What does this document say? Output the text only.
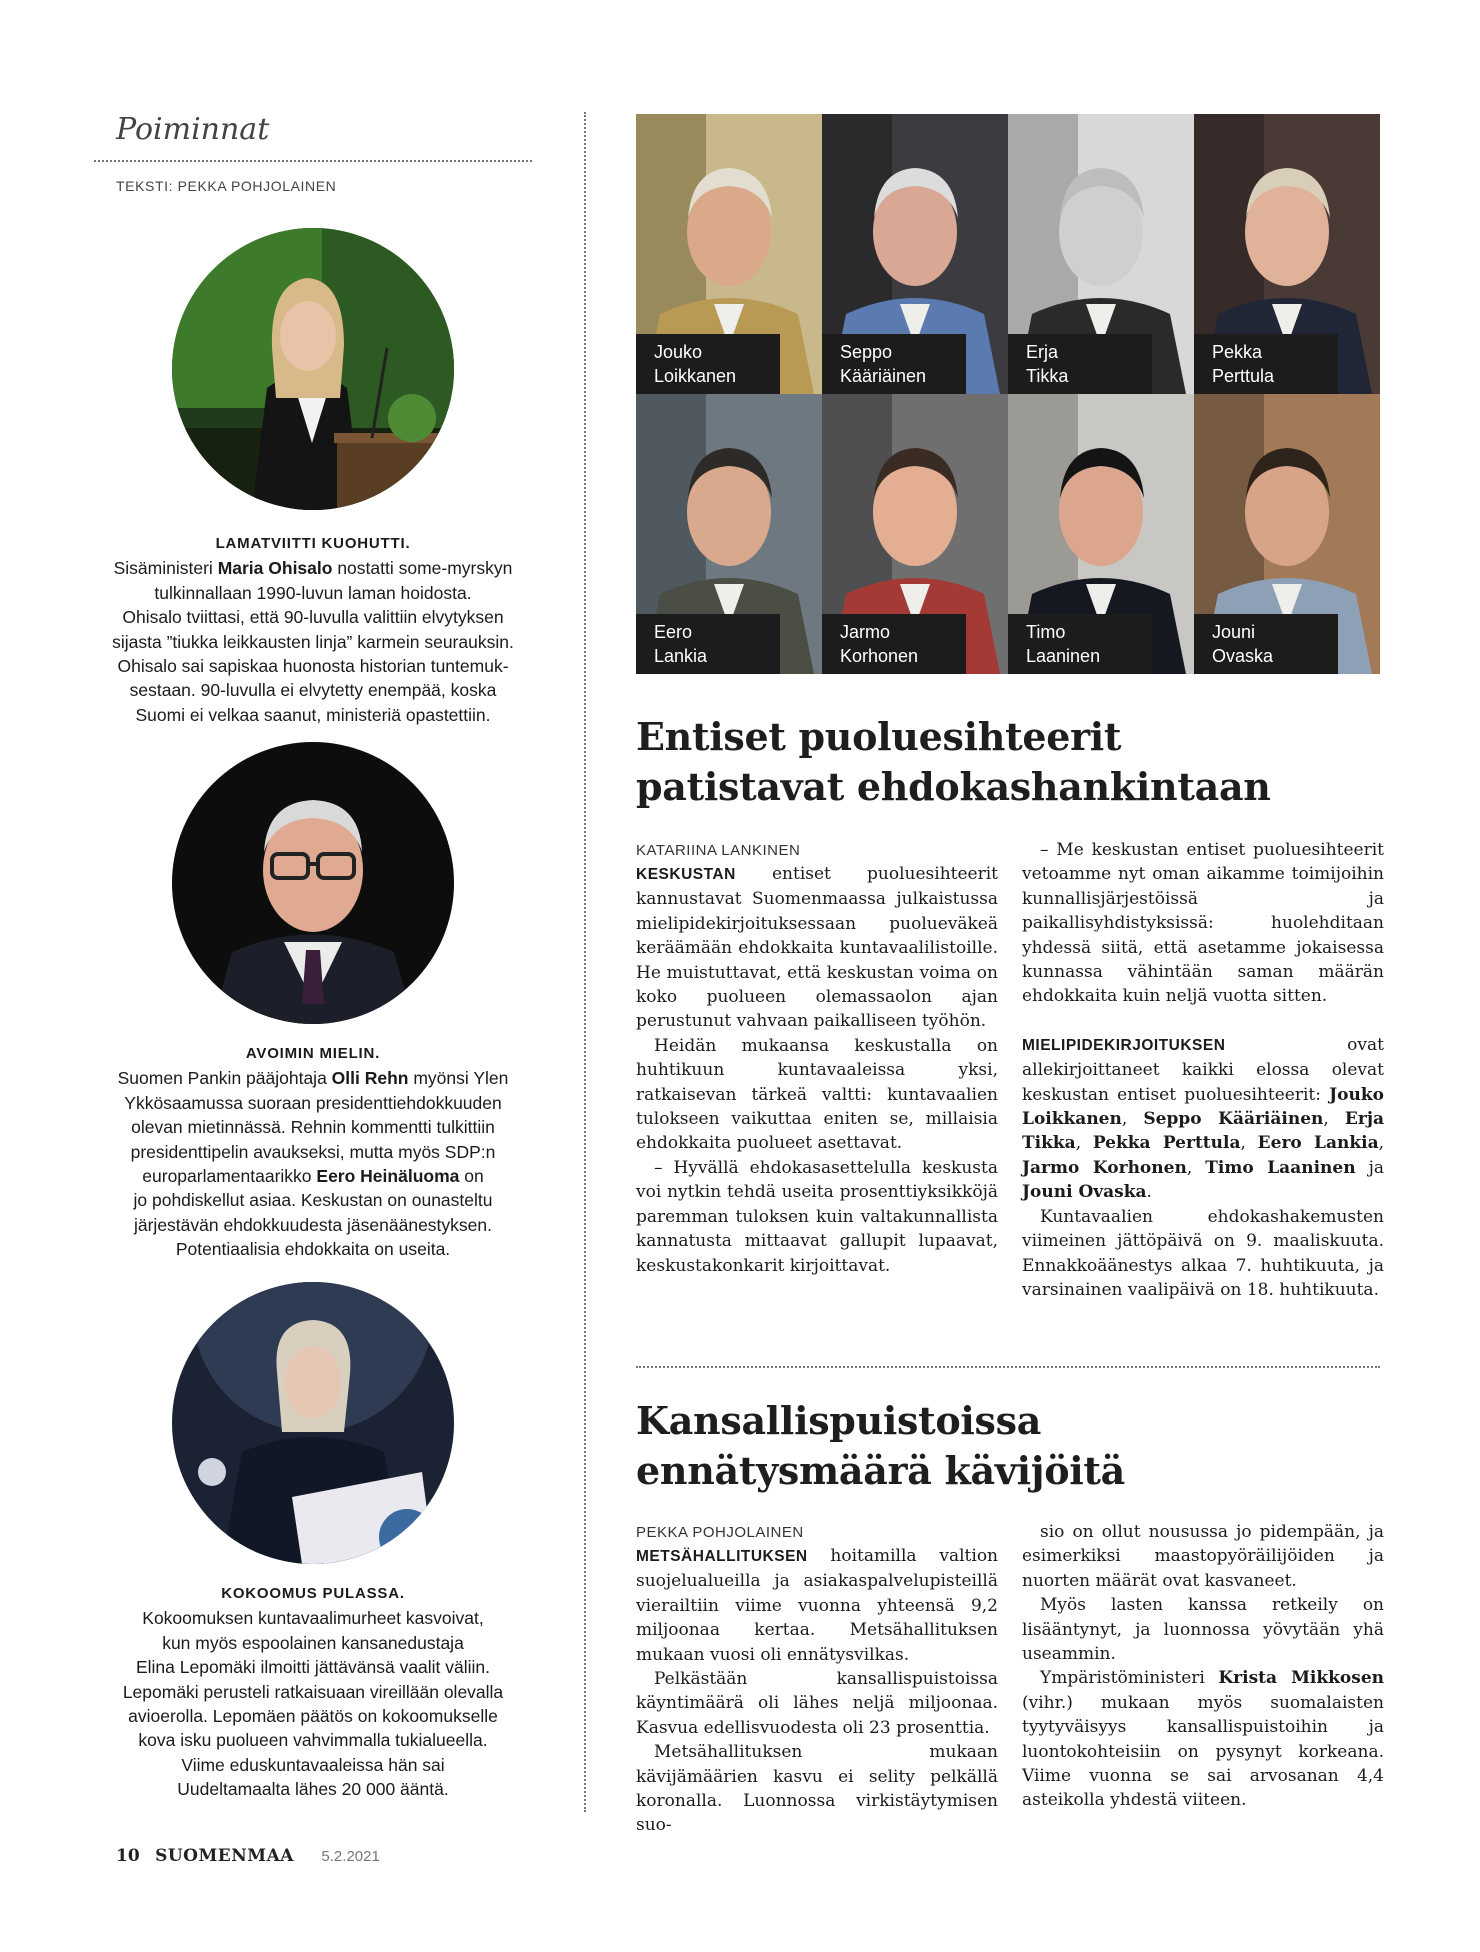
Poiminnat
TEKSTI: PEKKA POHJOLAINEN
LAMATVIITTI KUOHUTTI.
Sisäministeri Maria Ohisalo nostatti some-myrskyn
tulkinnallaan 1990-luvun laman hoidosta.
Ohisalo tviittasi, että 90-luvulla valittiin elvytyksen
sijasta ”tiukka leikkausten linja” karmein seurauksin.
Ohisalo sai sapiskaa huonosta historian tuntemuk-
sestaan. 90-luvulla ei elvytetty enempää, koska
Suomi ei velkaa saanut, ministeriä opastettiin.
AVOIMIN MIELIN.
Suomen Pankin pääjohtaja Olli Rehn myönsi Ylen
Ykkösaamussa suoraan presidenttiehdokkuuden
olevan mietinnässä. Rehnin kommentti tulkittiin
presidenttipelin avaukseksi, mutta myös SDP:n
europarlamentaarikko Eero Heinäluoma on
jo pohdiskellut asiaa. Keskustan on ounasteltu
järjestävän ehdokkuudesta jäsenäänestyksen.
Potentiaalisia ehdokkaita on useita.
KOKOOMUS PULASSA.
Kokoomuksen kuntavaalimurheet kasvoivat,
kun myös espoolainen kansanedustaja
Elina Lepomäki ilmoitti jättävänsä vaalit väliin.
Lepomäki perusteli ratkaisuaan vireillään olevalla
avioerolla. Lepomäen päätös on kokoomukselle
kova isku puolueen vahvimmalla tukialueella.
Viime eduskuntavaaleissa hän sai
Uudeltamaalta lähes 20 000 ääntä.
Jouko
Loikkanen
Seppo
Kääriäinen
Erja
Tikka
Pekka
Perttula
Eero
Lankia
Jarmo
Korhonen
Timo
Laaninen
Jouni
Ovaska
Entiset puoluesihteerit
patistavat ehdokashankintaan
KATARIINA LANKINEN

KESKUSTAN entiset puoluesihteerit kannustavat Suomenmaassa julkaistussa mielipidekirjoituksessaan puolueväkeä keräämään ehdokkaita kuntavaalilistoille. He muistuttavat, että keskustan voima on koko puolueen olemassaolon ajan perustunut vahvaan paikalliseen työhön.

Heidän mukaansa keskustalla on huhtikuun kuntavaaleissa yksi, ratkaisevan tärkeä valtti: kuntavaalien tulokseen vaikuttaa eniten se, millaisia ehdokkaita puolueet asettavat.

– Hyvällä ehdokasasettelulla keskusta voi nytkin tehdä useita prosenttiyksikköjä paremman tuloksen kuin valtakunnallista kannatusta mittaavat gallupit lupaavat, keskustakonkarit kirjoittavat.

– Me keskustan entiset puoluesihteerit vetoamme nyt oman aikamme toimijoihin kunnallisjärjestöissä ja paikallisyhdistyksissä: huolehditaan yhdessä siitä, että asetamme jokaisessa kunnassa vähintään saman määrän ehdokkaita kuin neljä vuotta sitten.

MIELIPIDEKIRJOITUKSEN ovat allekirjoittaneet kaikki elossa olevat keskustan entiset puoluesihteerit: Jouko Loikkanen, Seppo Kääriäinen, Erja Tikka, Pekka Perttula, Eero Lankia, Jarmo Korhonen, Timo Laaninen ja Jouni Ovaska.

Kuntavaalien ehdokashakemusten viimeinen jättöpäivä on 9. maaliskuuta. Ennakkoäänestys alkaa 7. huhtikuuta, ja varsinainen vaalipäivä on 18. huhtikuuta.

Kansallispuistoissa
ennätysmäärä kävijöitä
PEKKA POHJOLAINEN

METSÄHALLITUKSEN hoitamilla valtion suojelualueilla ja asiakaspalvelupisteillä vierailtiin viime vuonna yhteensä 9,2 miljoonaa kertaa. Metsähallituksen mukaan vuosi oli ennätysvilkas.

Pelkästään kansallispuistoissa käyntimäärä oli lähes neljä miljoonaa. Kasvua edellisvuodesta oli 23 prosenttia.

Metsähallituksen mukaan kävijämäärien kasvu ei selity pelkällä koronalla. Luonnossa virkistäytymisen suo-

sio on ollut nousussa jo pidempään, ja esimerkiksi maastopyöräilijöiden ja nuorten määrät ovat kasvaneet.

Myös lasten kanssa retkeily on lisääntynyt, ja luonnossa yövytään yhä useammin.

Ympäristöministeri Krista Mikkosen (vihr.) mukaan myös suomalaisten tyytyväisyys kansallispuistoihin ja luontokohteisiin on pysynyt korkeana. Viime vuonna se sai arvosanan 4,4 asteikolla yhdestä viiteen.

10 SUOMENMAA 5.2.2021
